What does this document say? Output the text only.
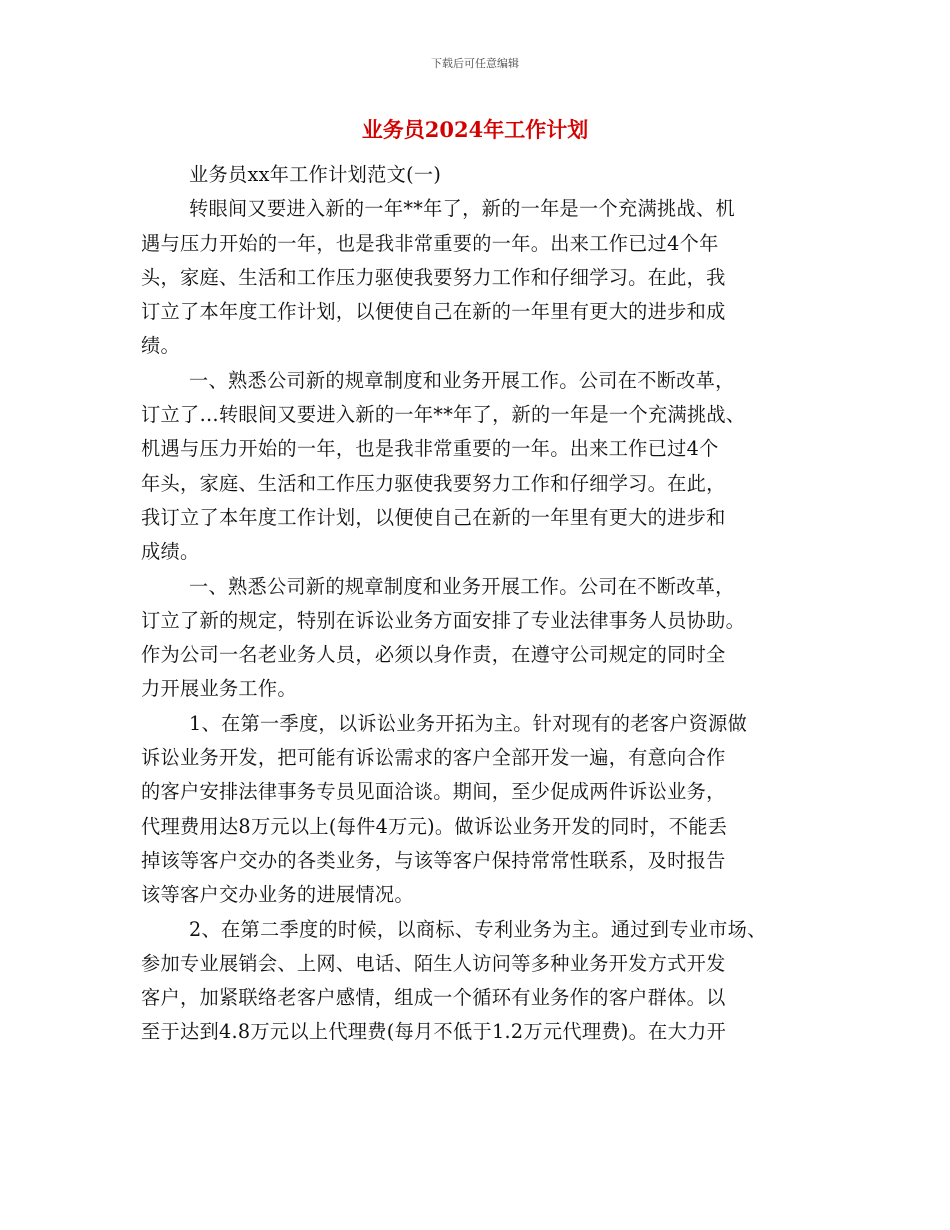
下载后可任意编辑
业务员2024年工作计划
业务员xx年工作计划范文(一)
转眼间又要进入新的一年**年了，新的一年是一个充满挑战、机
遇与压力开始的一年，也是我非常重要的一年。出来工作已过4个年
头，家庭、生活和工作压力驱使我要努力工作和仔细学习。在此，我
订立了本年度工作计划，以便使自己在新的一年里有更大的进步和成
绩。
一、熟悉公司新的规章制度和业务开展工作。公司在不断改革，
订立了…转眼间又要进入新的一年**年了，新的一年是一个充满挑战、
机遇与压力开始的一年，也是我非常重要的一年。出来工作已过4个
年头，家庭、生活和工作压力驱使我要努力工作和仔细学习。在此，
我订立了本年度工作计划，以便使自己在新的一年里有更大的进步和
成绩。
一、熟悉公司新的规章制度和业务开展工作。公司在不断改革，
订立了新的规定，特别在诉讼业务方面安排了专业法律事务人员协助。
作为公司一名老业务人员，必须以身作责，在遵守公司规定的同时全
力开展业务工作。
1、在第一季度，以诉讼业务开拓为主。针对现有的老客户资源做
诉讼业务开发，把可能有诉讼需求的客户全部开发一遍，有意向合作
的客户安排法律事务专员见面洽谈。期间，至少促成两件诉讼业务，
代理费用达8万元以上(每件4万元)。做诉讼业务开发的同时，不能丢
掉该等客户交办的各类业务，与该等客户保持常常性联系，及时报告
该等客户交办业务的进展情况。
2、在第二季度的时候，以商标、专利业务为主。通过到专业市场、
参加专业展销会、上网、电话、陌生人访问等多种业务开发方式开发
客户，加紧联络老客户感情，组成一个循环有业务作的客户群体。以
至于达到4.8万元以上代理费(每月不低于1.2万元代理费)。在大力开
